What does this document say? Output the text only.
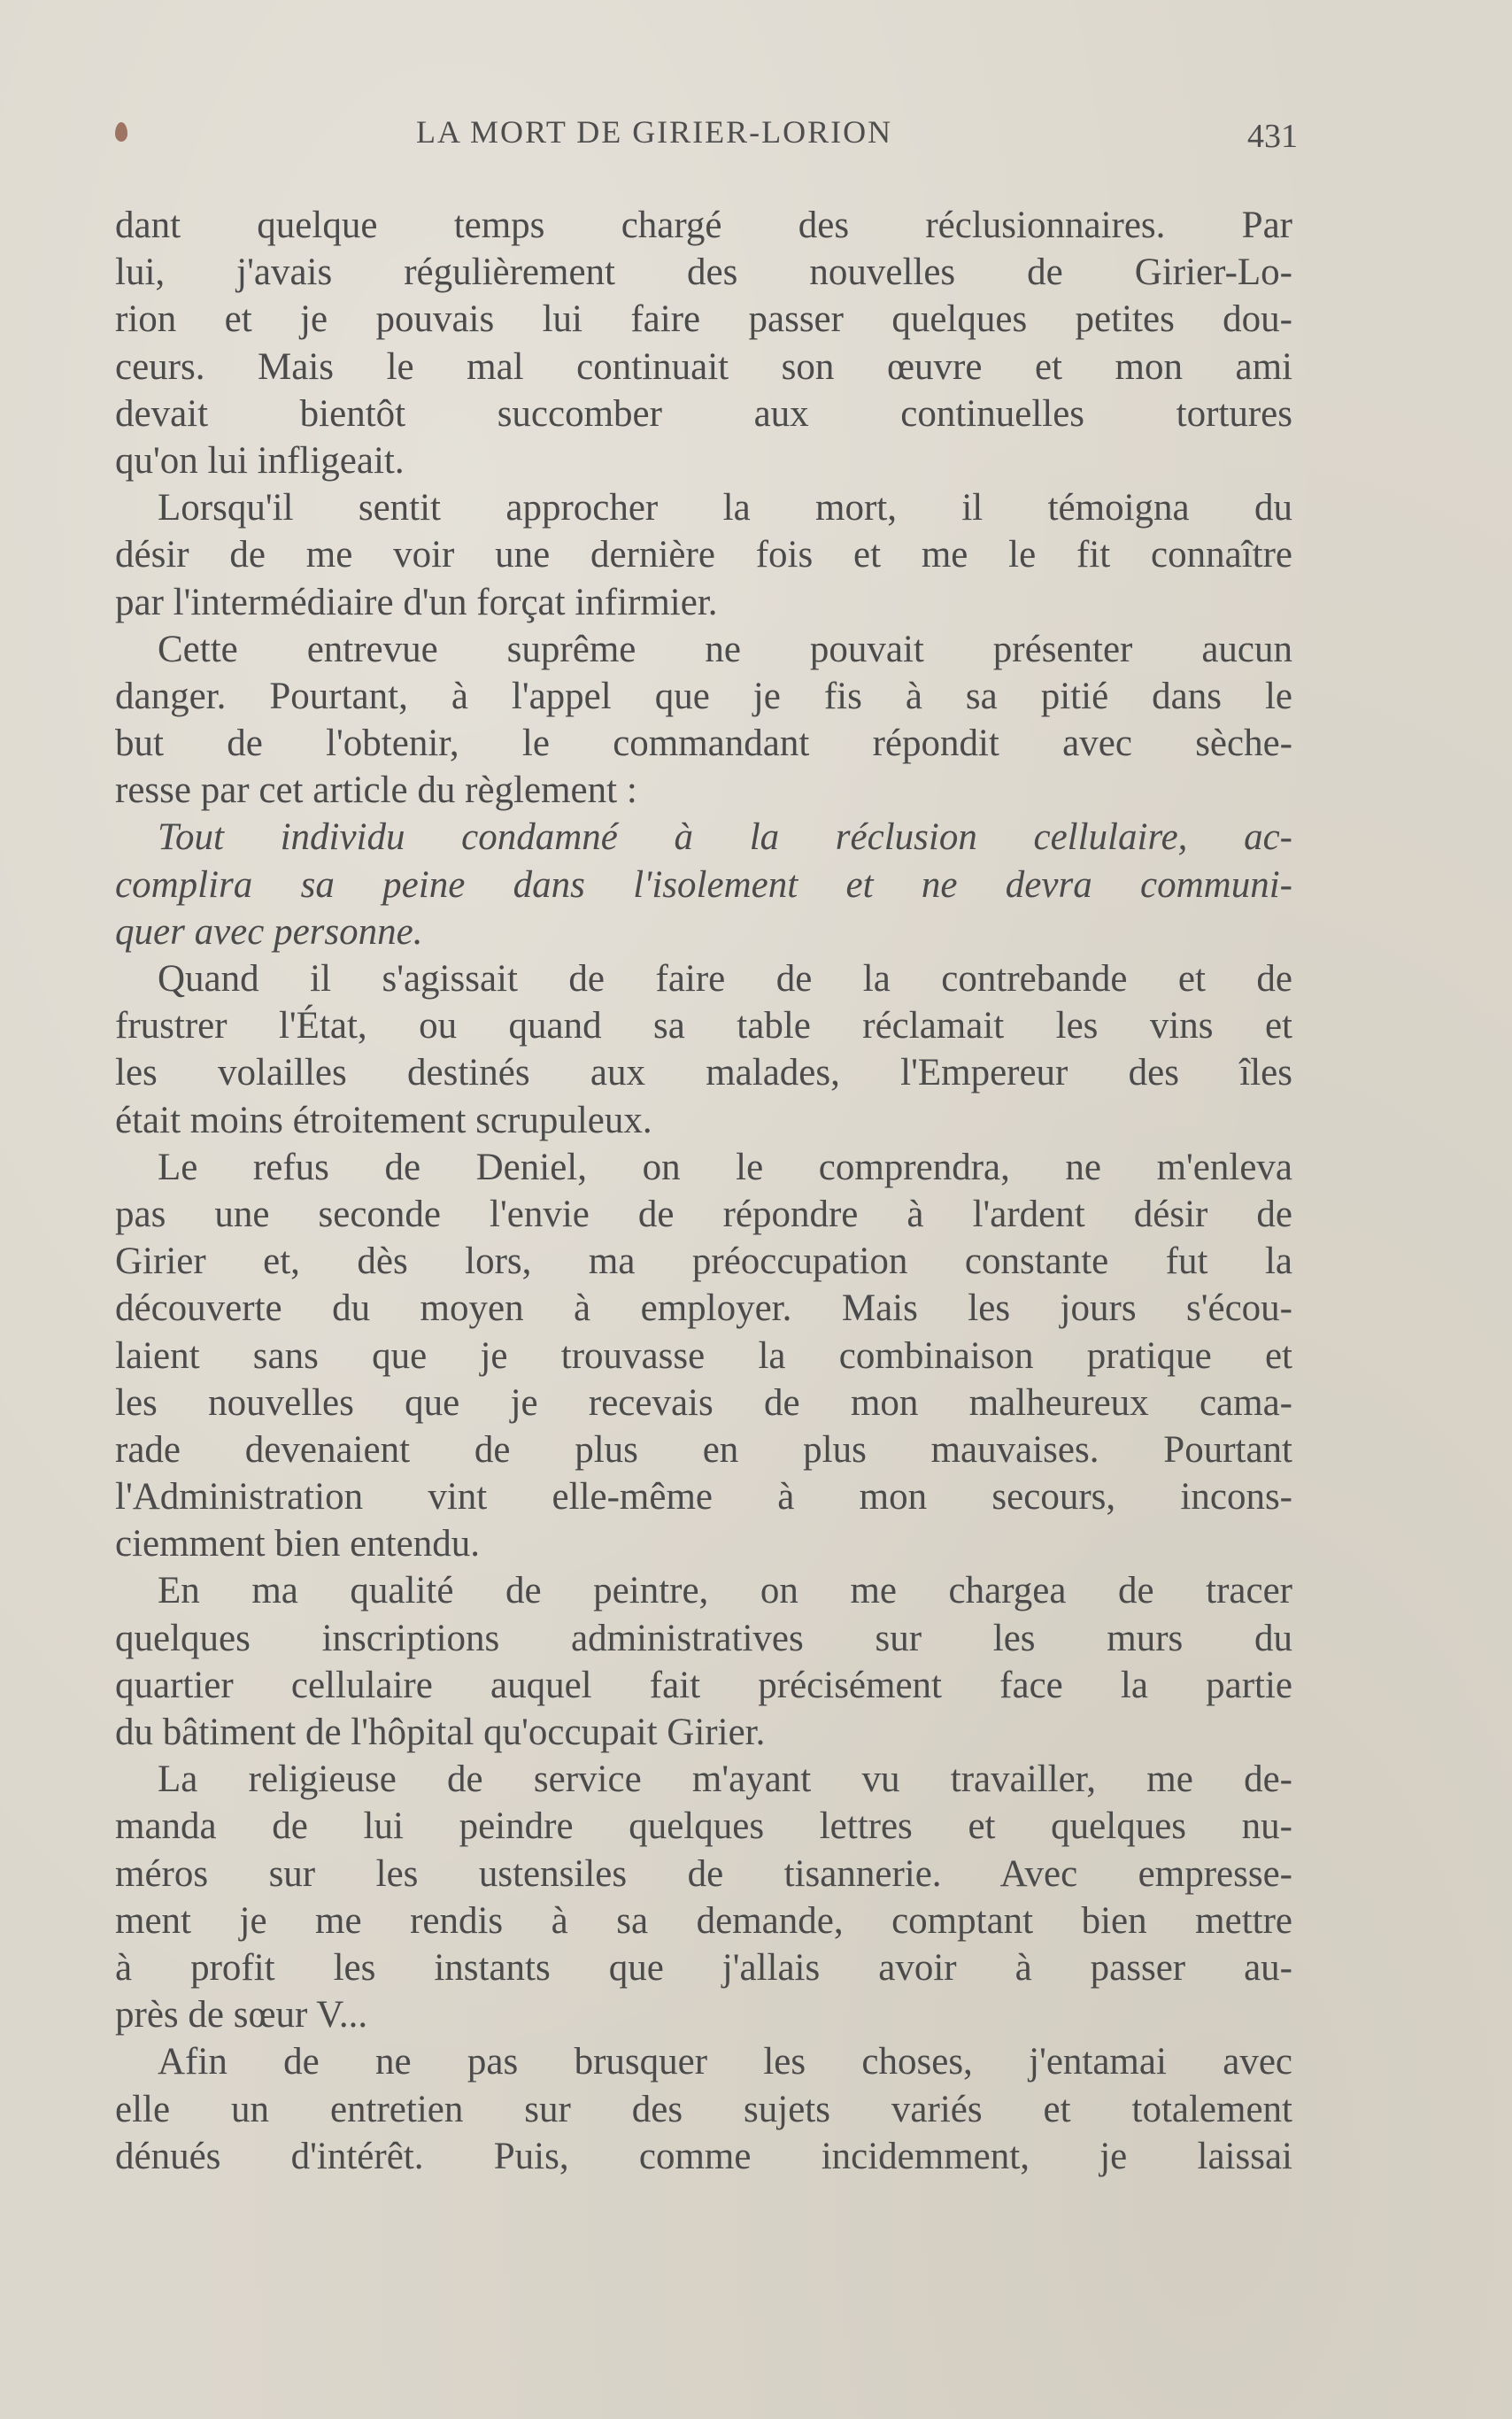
LA MORT DE GIRIER-LORION	431
dant quelque temps chargé des réclusionnaires. Par
lui, j'avais régulièrement des nouvelles de Girier-Lo-
rion et je pouvais lui faire passer quelques petites dou-
ceurs. Mais le mal continuait son œuvre et mon ami
devait bientôt succomber aux continuelles tortures
qu'on lui infligeait.
Lorsqu'il sentit approcher la mort, il témoigna du
désir de me voir une dernière fois et me le fit connaître
par l'intermédiaire d'un forçat infirmier.
Cette entrevue suprême ne pouvait présenter aucun
danger. Pourtant, à l'appel que je fis à sa pitié dans le
but de l'obtenir, le commandant répondit avec sèche-
resse par cet article du règlement :
Tout individu condamné à la réclusion cellulaire, ac-
complira sa peine dans l'isolement et ne devra communi-
quer avec personne.
Quand il s'agissait de faire de la contrebande et de
frustrer l'État, ou quand sa table réclamait les vins et
les volailles destinés aux malades, l'Empereur des îles
était moins étroitement scrupuleux.
Le refus de Deniel, on le comprendra, ne m'enleva
pas une seconde l'envie de répondre à l'ardent désir de
Girier et, dès lors, ma préoccupation constante fut la
découverte du moyen à employer. Mais les jours s'écou-
laient sans que je trouvasse la combinaison pratique et
les nouvelles que je recevais de mon malheureux cama-
rade devenaient de plus en plus mauvaises. Pourtant
l'Administration vint elle-même à mon secours, incons-
ciemment bien entendu.
En ma qualité de peintre, on me chargea de tracer
quelques inscriptions administratives sur les murs du
quartier cellulaire auquel fait précisément face la partie
du bâtiment de l'hôpital qu'occupait Girier.
La religieuse de service m'ayant vu travailler, me de-
manda de lui peindre quelques lettres et quelques nu-
méros sur les ustensiles de tisannerie. Avec empresse-
ment je me rendis à sa demande, comptant bien mettre
à profit les instants que j'allais avoir à passer au-
près de sœur V...
Afin de ne pas brusquer les choses, j'entamai avec
elle un entretien sur des sujets variés et totalement
dénués d'intérêt. Puis, comme incidemment, je laissai
